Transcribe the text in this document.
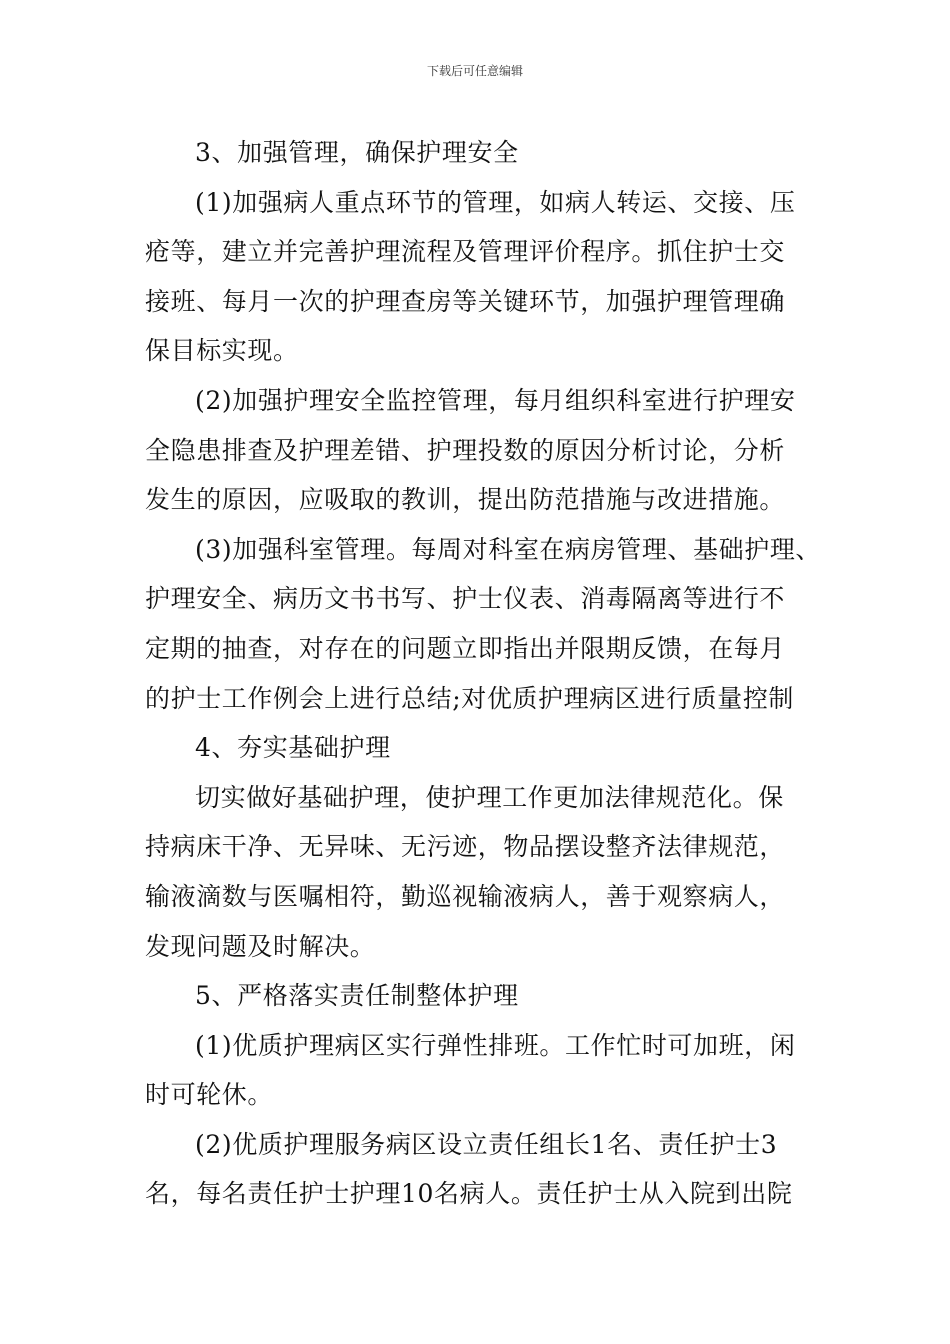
下载后可任意编辑
3、加强管理，确保护理安全
(1)加强病人重点环节的管理，如病人转运、交接、压
疮等，建立并完善护理流程及管理评价程序。抓住护士交
接班、每月一次的护理查房等关键环节，加强护理管理确
保目标实现。
(2)加强护理安全监控管理，每月组织科室进行护理安
全隐患排查及护理差错、护理投数的原因分析讨论，分析
发生的原因，应吸取的教训，提出防范措施与改进措施。
(3)加强科室管理。每周对科室在病房管理、基础护理、
护理安全、病历文书书写、护士仪表、消毒隔离等进行不
定期的抽查，对存在的问题立即指出并限期反馈，在每月
的护士工作例会上进行总结;对优质护理病区进行质量控制
4、夯实基础护理
切实做好基础护理，使护理工作更加法律规范化。保
持病床干净、无异味、无污迹，物品摆设整齐法律规范，
输液滴数与医嘱相符，勤巡视输液病人，善于观察病人，
发现问题及时解决。
5、严格落实责任制整体护理
(1)优质护理病区实行弹性排班。工作忙时可加班，闲
时可轮休。
(2)优质护理服务病区设立责任组长1名、责任护士3
名，每名责任护士护理10名病人。责任护士从入院到出院
